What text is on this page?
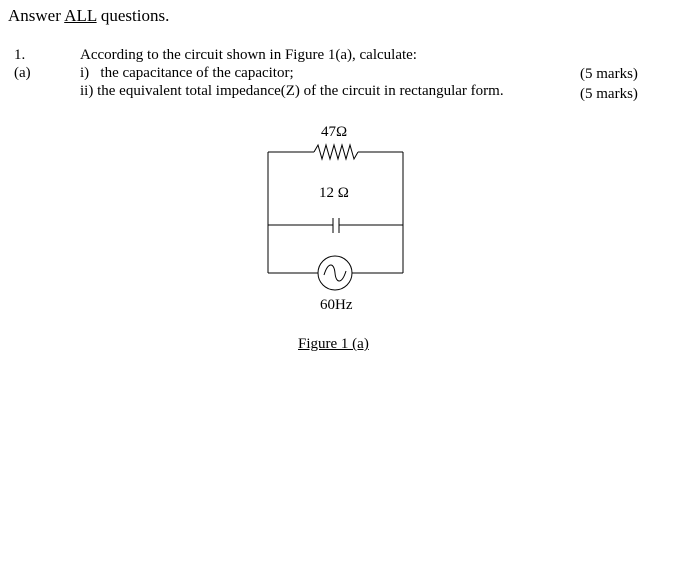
Answer ALL questions.
1.
(a)
According to the circuit shown in Figure 1(a), calculate:
i)   the capacitance of the capacitor;
ii) the equivalent total impedance(Z) of the circuit in rectangular form.
(5 marks)
(5 marks)
47Ω
12 Ω
60Hz
Figure 1 (a)
